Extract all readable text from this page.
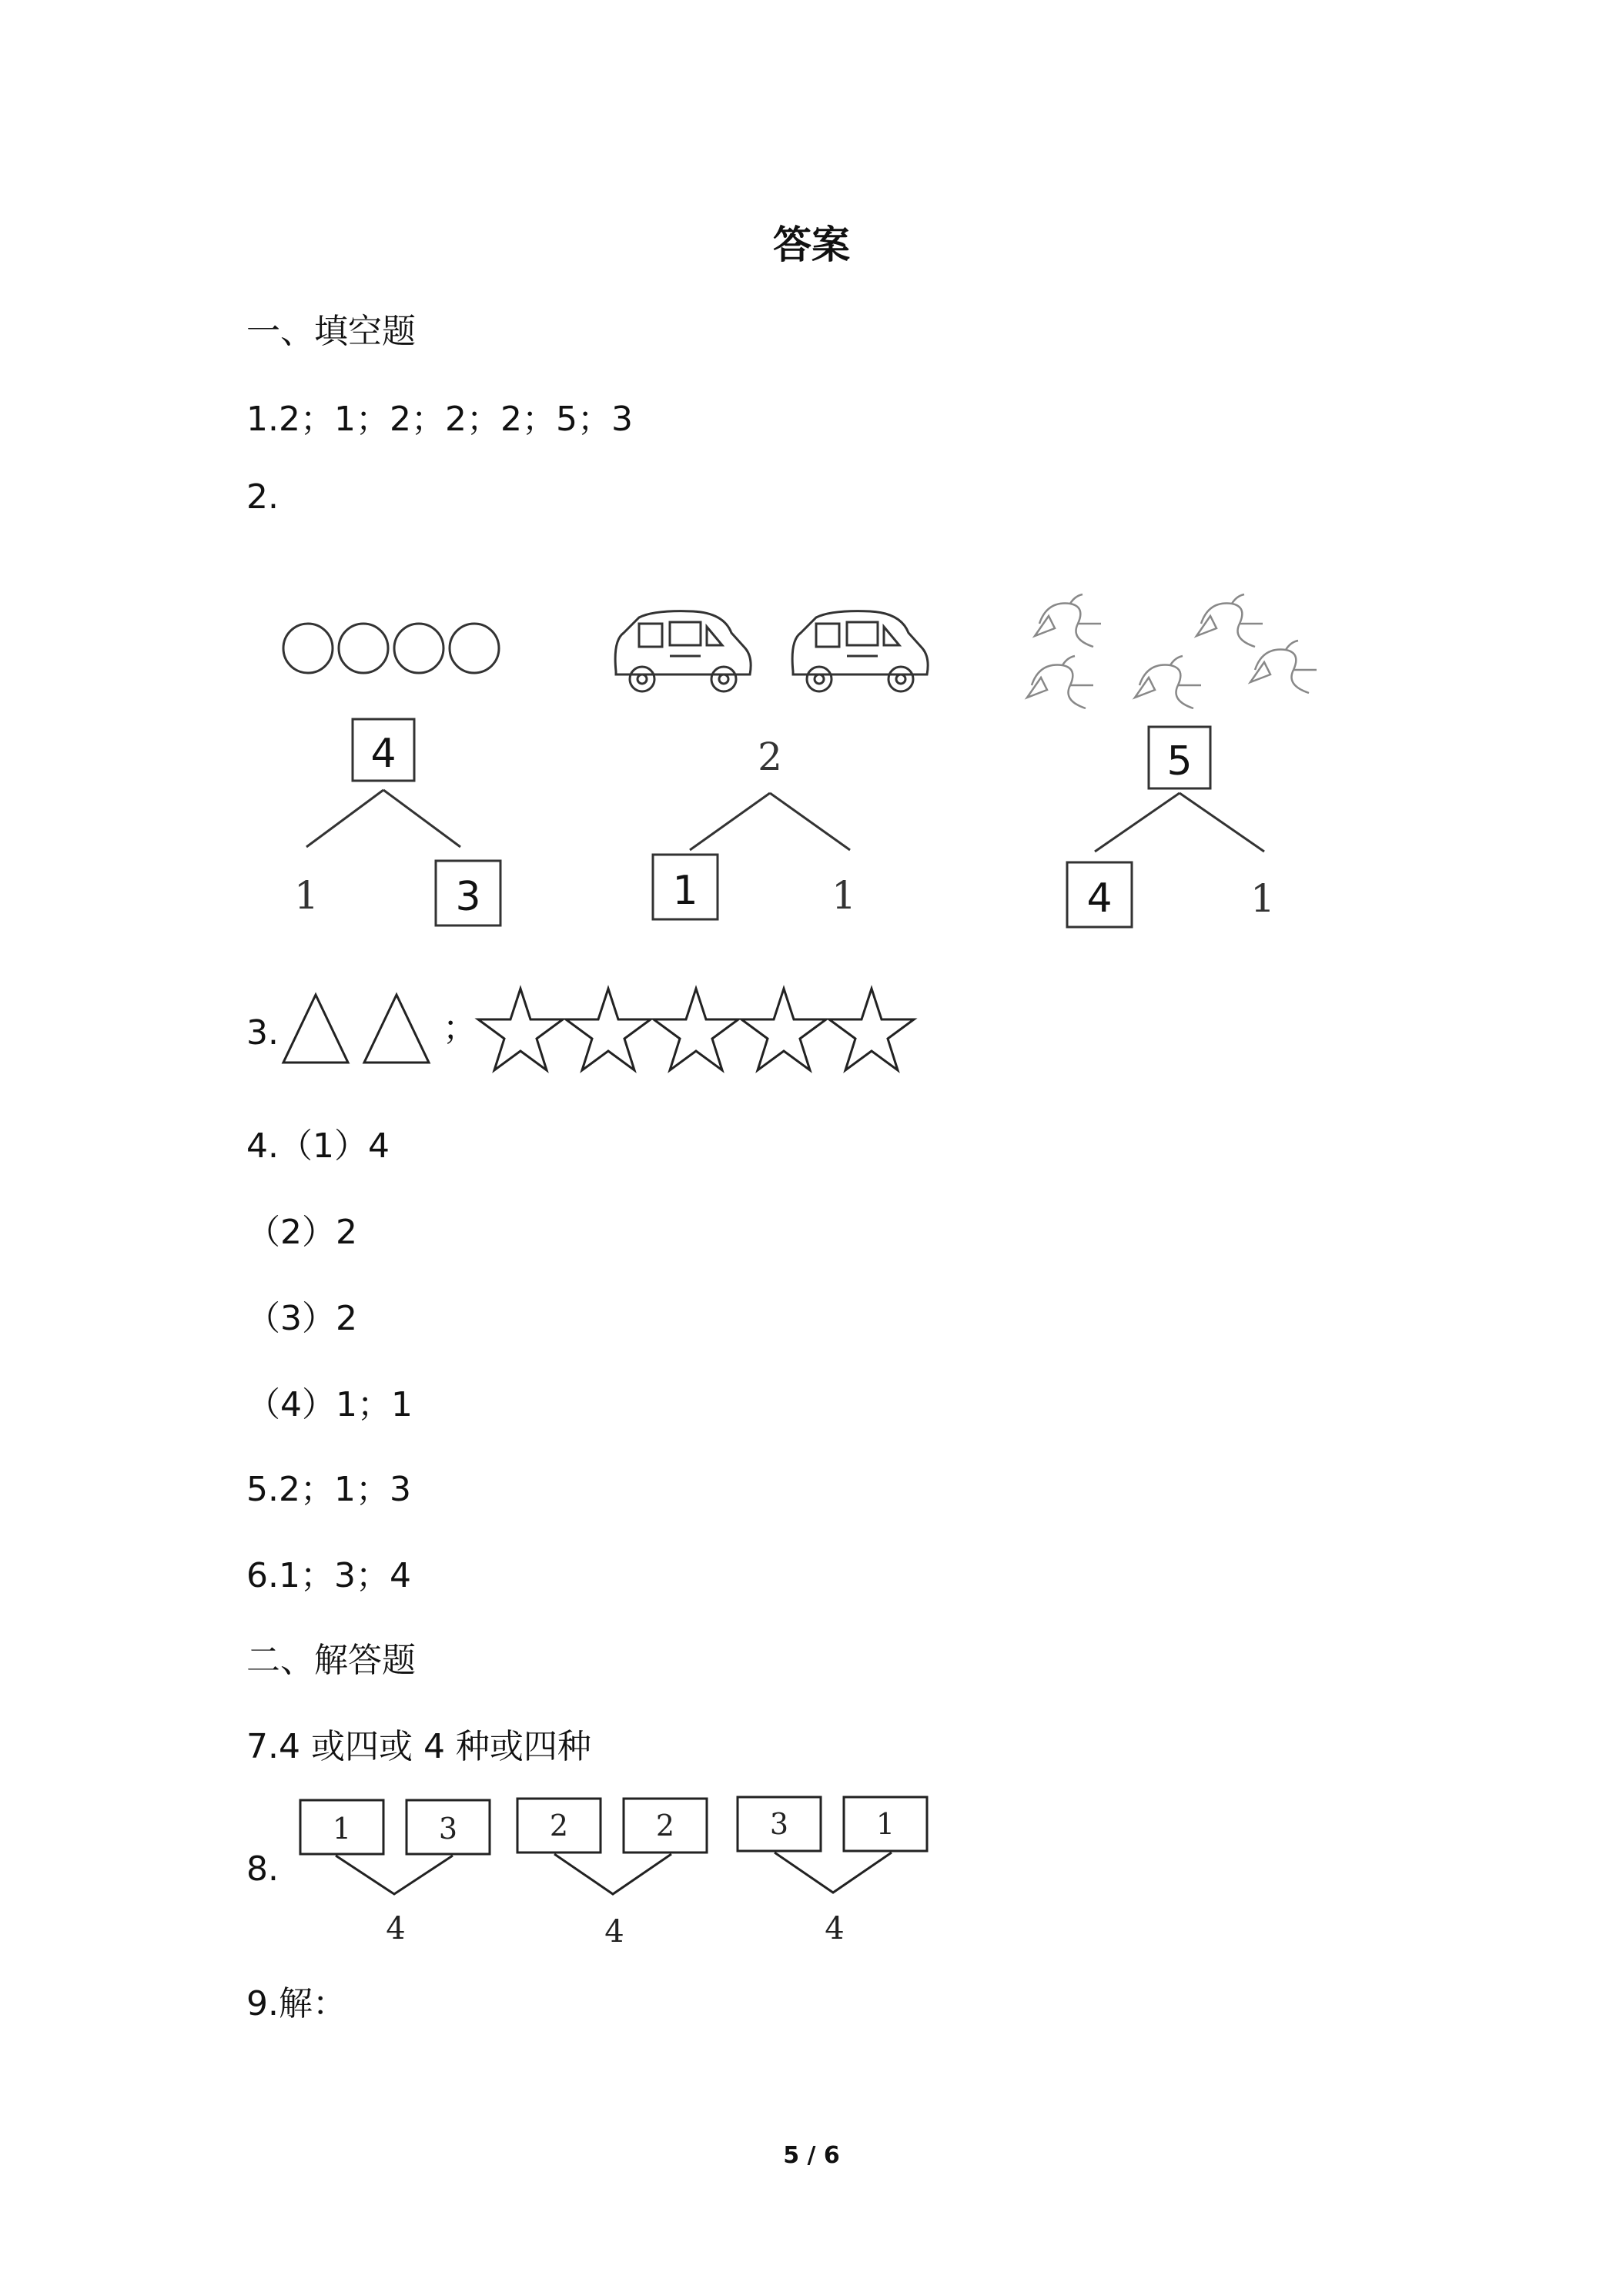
答案
一、填空题
1.2；1；2；2；2；5；3
2.
4
1	3
2
1	1
5
4	1
3.	；
4.（1）4
（2）2
（3）2
（4）1；1
5.2；1；3
6.1；3；4
二、解答题
7.4 或四或 4 种或四种
8.
1	3
4
2	2
4
3	1
4
9.解：
5 / 6
